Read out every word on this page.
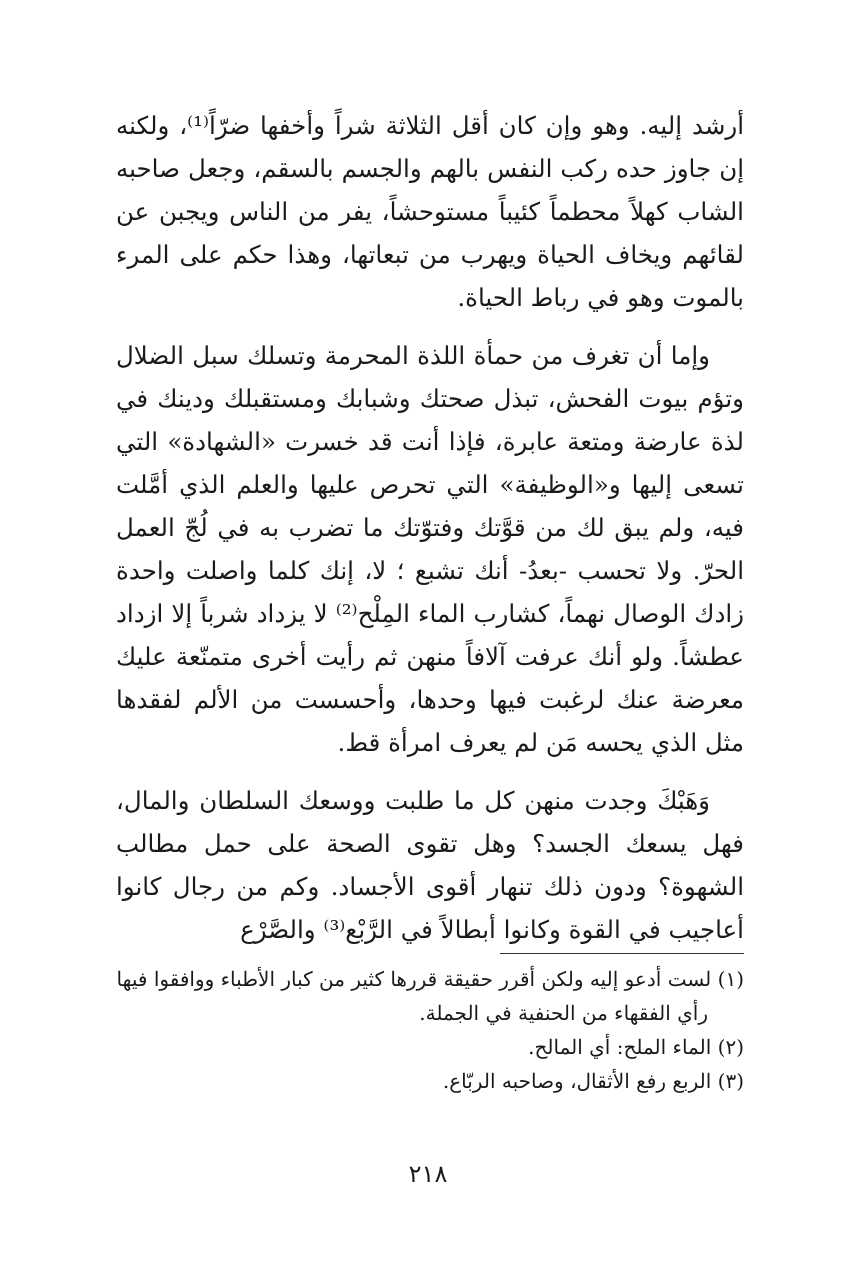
أرشد إليه. وهو وإن كان أقل الثلاثة شراً وأخفها ضرّاً⁽¹⁾، ولكنه إن جاوز حده ركب النفس بالهم والجسم بالسقم، وجعل صاحبه الشاب كهلاً محطماً كئيباً مستوحشاً، يفر من الناس ويجبن عن لقائهم ويخاف الحياة ويهرب من تبعاتها، وهذا حكم على المرء بالموت وهو في رباط الحياة.

وإما أن تغرف من حمأة اللذة المحرمة وتسلك سبل الضلال وتؤم بيوت الفحش، تبذل صحتك وشبابك ومستقبلك ودينك في لذة عارضة ومتعة عابرة، فإذا أنت قد خسرت «الشهادة» التي تسعى إليها و«الوظيفة» التي تحرص عليها والعلم الذي أمَّلت فيه، ولم يبق لك من قوَّتك وفتوّتك ما تضرب به في لُجّ العمل الحرّ. ولا تحسب -بعدُ- أنك تشبع ؛ لا، إنك كلما واصلت واحدة زادك الوصال نهماً، كشارب الماء المِلْح⁽²⁾ لا يزداد شرباً إلا ازداد عطشاً. ولو أنك عرفت آلافاً منهن ثم رأيت أخرى متمنّعة عليك معرضة عنك لرغبت فيها وحدها، وأحسست من الألم لفقدها مثل الذي يحسه مَن لم يعرف امرأة قط.

وَهَبْكَ وجدت منهن كل ما طلبت ووسعك السلطان والمال، فهل يسعك الجسد؟ وهل تقوى الصحة على حمل مطالب الشهوة؟ ودون ذلك تنهار أقوى الأجساد. وكم من رجال كانوا أعاجيب في القوة وكانوا أبطالاً في الرَّبْع⁽³⁾ والصَّرْع

(١) لست أدعو إليه ولكن أقرر حقيقة قررها كثير من كبار الأطباء ووافقوا فيها رأي الفقهاء من الحنفية في الجملة.

(٢) الماء الملح: أي المالح.

(٣) الربع رفع الأثقال، وصاحبه الربّاع.

٢١٨
